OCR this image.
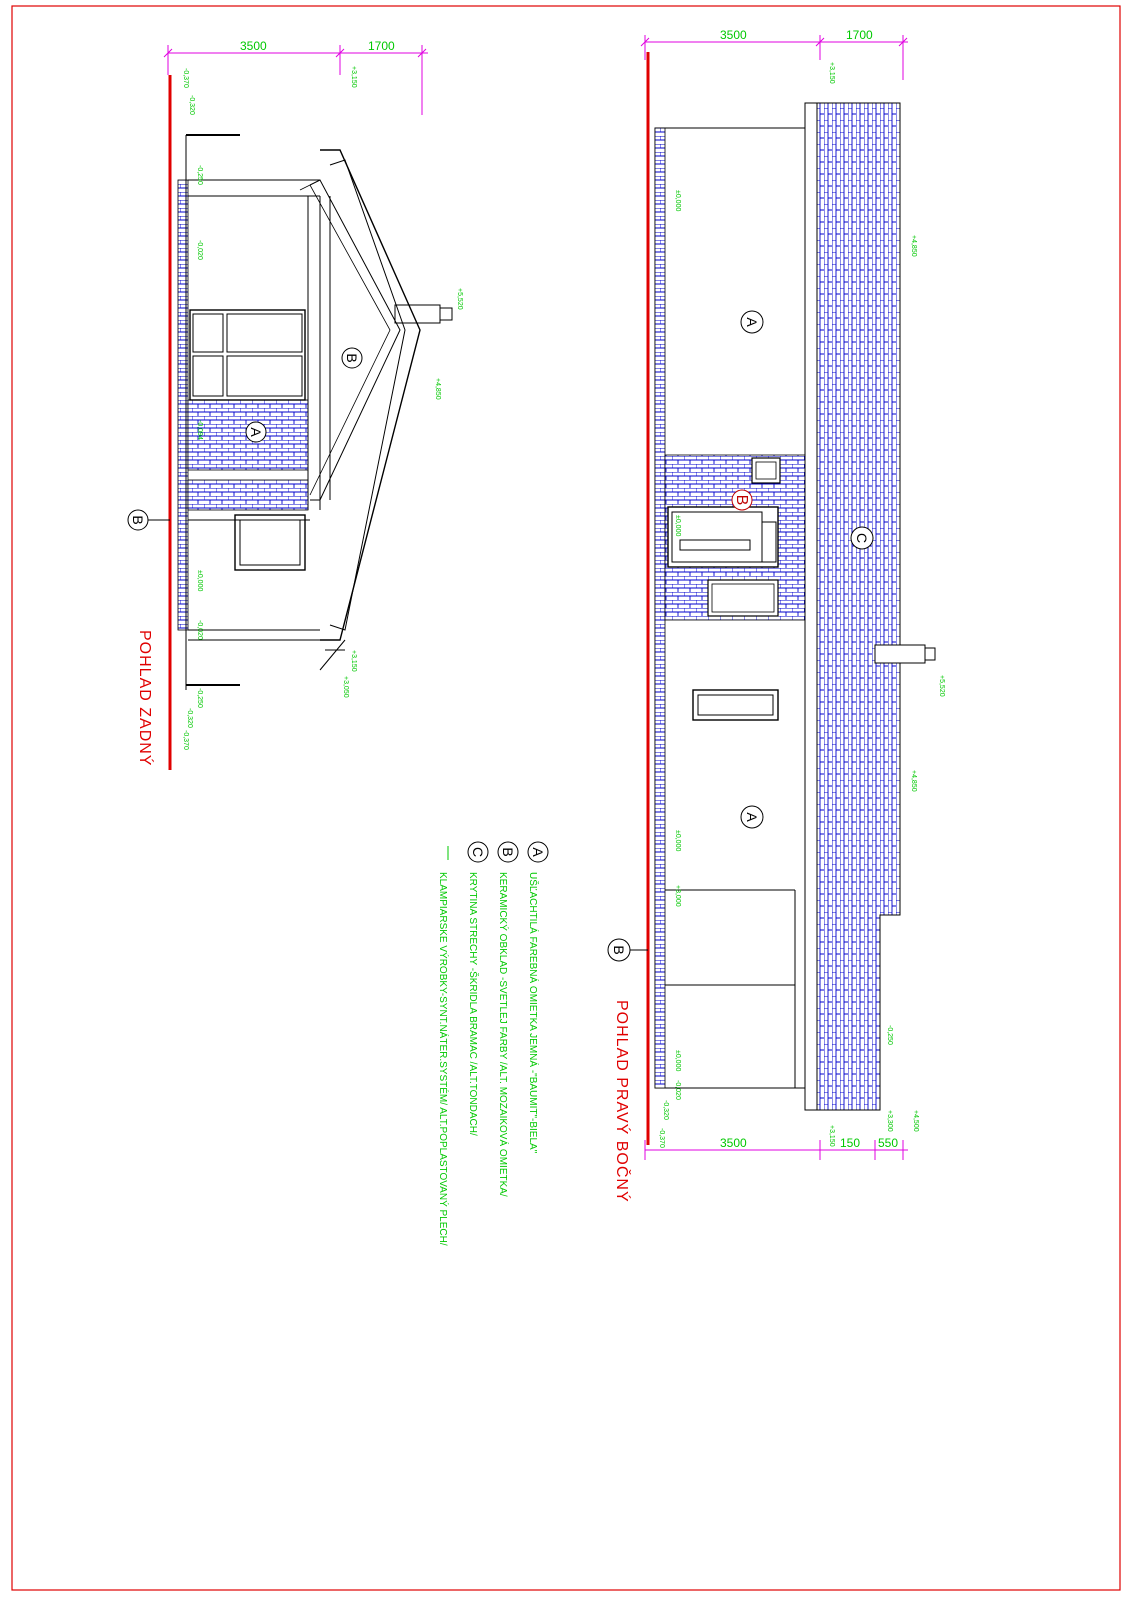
3500	1700
+3,150
+5,520
+4,850
+3,150
+3,050
±0,000
-0,020
-0,094
-0,250
-0,320
-0,370
-0,020
-0,250
-0,320
-0,370
B
A
B
POHLAD ZADNÝ
3500	1700
3500	150 550
+3,150
±0,000
+4,850
+5,520
+4,850
±0,000
±0,000
+3,000
-0,020
-0,370	+3,150
+3,300	+4,500
-0,320
-0,250
±0,000
A
B
A
C
B
POHLAD PRAVÝ BOČNÝ
A
UŠĽACHTILÁ FAREBNÁ OMIETKA JEMNÁ -"BAUMIT"-BIELA"
B
KERAMICKÝ OBKLAD -SVETLEJ FARBY /ALT. MOZAIKOVÁ OMIETKA/
C
KRYTINA STRECHY -ŠKRIDLA BRAMAC /ALT.TONDACH/
KLAMPIARSKE VÝROBKY-SYNT.NÁTER.SYSTÉM/ ALT.POPLASTOVANÝ PLECH/
